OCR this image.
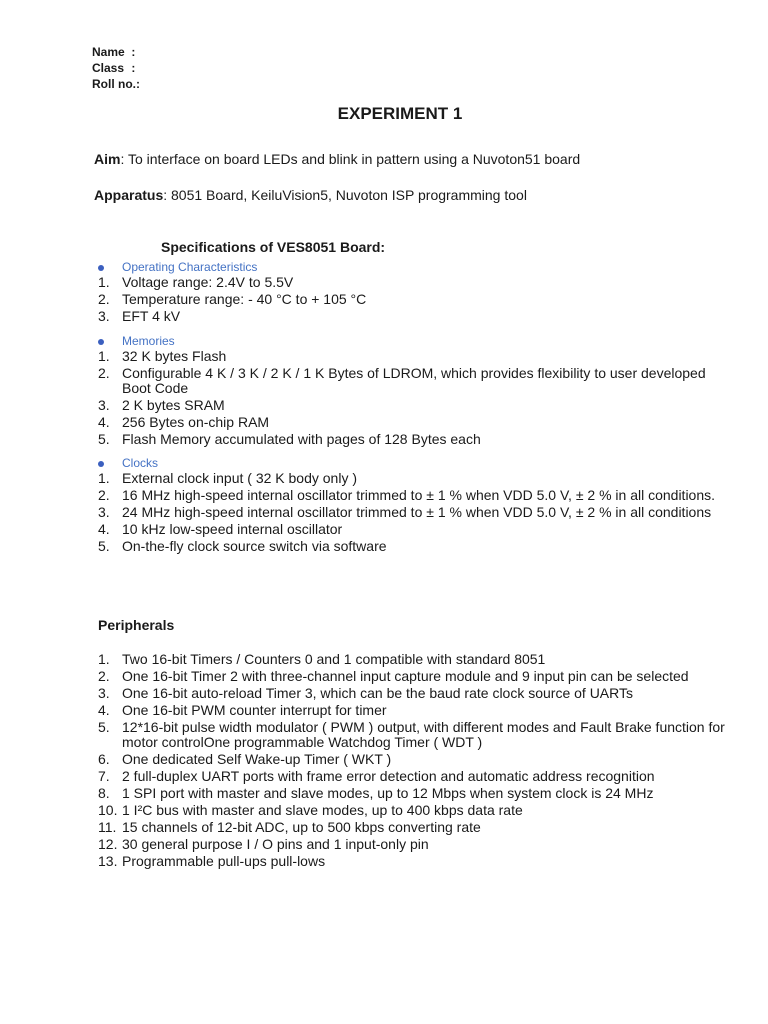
Name :
Class :
Roll no.:
EXPERIMENT 1
Aim: To interface on board LEDs and blink in pattern using a Nuvoton51 board
Apparatus: 8051 Board, KeiluVision5, Nuvoton ISP programming tool
Specifications of VES8051 Board:
Operating Characteristics
1. Voltage range: 2.4V to 5.5V
2. Temperature range: - 40 °C to + 105 °C
3. EFT 4 kV
Memories
1. 32 K bytes Flash
2. Configurable 4 K / 3 K / 2 K / 1 K Bytes of LDROM, which provides flexibility to user developed Boot Code
3. 2 K bytes SRAM
4. 256 Bytes on-chip RAM
5. Flash Memory accumulated with pages of 128 Bytes each
Clocks
1. External clock input ( 32 K body only )
2. 16 MHz high-speed internal oscillator trimmed to ± 1 % when VDD 5.0 V, ± 2 % in all conditions.
3. 24 MHz high-speed internal oscillator trimmed to ± 1 % when VDD 5.0 V, ± 2 % in all conditions
4. 10 kHz low-speed internal oscillator
5. On-the-fly clock source switch via software
Peripherals
1. Two 16-bit Timers / Counters 0 and 1 compatible with standard 8051
2. One 16-bit Timer 2 with three-channel input capture module and 9 input pin can be selected
3. One 16-bit auto-reload Timer 3, which can be the baud rate clock source of UARTs
4. One 16-bit PWM counter interrupt for timer
5. 12*16-bit pulse width modulator ( PWM ) output, with different modes and Fault Brake function for motor controlOne programmable Watchdog Timer ( WDT )
6. One dedicated Self Wake-up Timer ( WKT )
7. 2 full-duplex UART ports with frame error detection and automatic address recognition
8. 1 SPI port with master and slave modes, up to 12 Mbps when system clock is 24 MHz
10. 1 I²C bus with master and slave modes, up to 400 kbps data rate
11. 15 channels of 12-bit ADC, up to 500 kbps converting rate
12. 30 general purpose I / O pins and 1 input-only pin
13. Programmable pull-ups pull-lows
